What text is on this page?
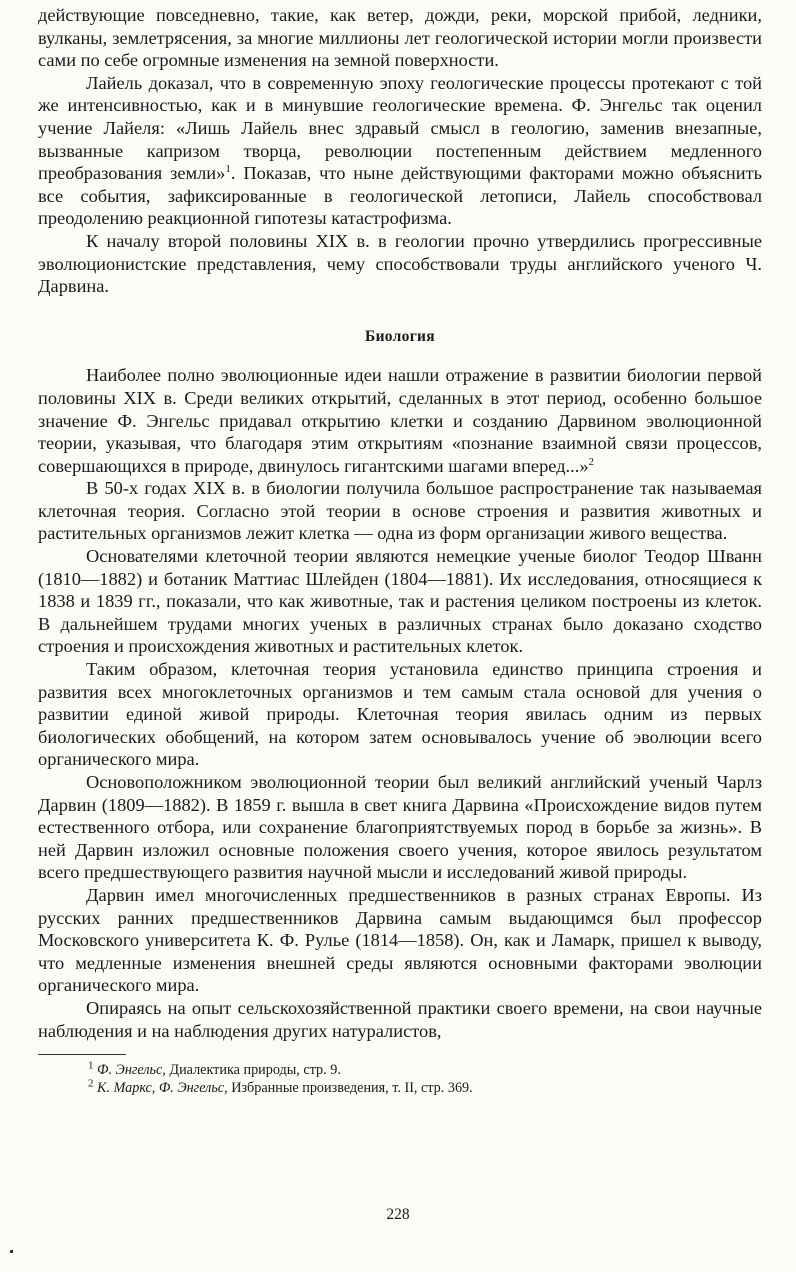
действующие повседневно, такие, как ветер, дожди, реки, морской прибой, ледники, вулканы, землетрясения, за многие миллионы лет геологической истории могли произвести сами по себе огромные изменения на земной поверхности.

Лайель доказал, что в современную эпоху геологические процессы протекают с той же интенсивностью, как и в минувшие геологические времена. Ф. Энгельс так оценил учение Лайеля: «Лишь Лайель внес здравый смысл в геологию, заменив внезапные, вызванные капризом творца, революции постепенным действием медленного преобразования земли»$^1$. Показав, что ныне действующими факторами можно объяснить все события, зафиксированные в геологической летописи, Лайель способствовал преодолению реакционной гипотезы катастрофизма.

К началу второй половины XIX в. в геологии прочно утвердились прогрессивные эволюционистские представления, чему способствовали труды английского ученого Ч. Дарвина.

Биология

Наиболее полно эволюционные идеи нашли отражение в развитии биологии первой половины XIX в. Среди великих открытий, сделанных в этот период, особенно большое значение Ф. Энгельс придавал открытию клетки и созданию Дарвином эволюционной теории, указывая, что благодаря этим открытиям «познание взаимной связи процессов, совершающихся в природе, двинулось гигантскими шагами вперед...»$^2$

В 50-х годах XIX в. в биологии получила большое распространение так называемая клеточная теория. Согласно этой теории в основе строения и развития животных и растительных организмов лежит клетка — одна из форм организации живого вещества.

Основателями клеточной теории являются немецкие ученые биолог Теодор Шванн (1810—1882) и ботаник Маттиас Шлейден (1804—1881). Их исследования, относящиеся к 1838 и 1839 гг., показали, что как животные, так и растения целиком построены из клеток. В дальнейшем трудами многих ученых в различных странах было доказано сходство строения и происхождения животных и растительных клеток.

Таким образом, клеточная теория установила единство принципа строения и развития всех многоклеточных организмов и тем самым стала основой для учения о развитии единой живой природы. Клеточная теория явилась одним из первых биологических обобщений, на котором затем основывалось учение об эволюции всего органического мира.

Основоположником эволюционной теории был великий английский ученый Чарлз Дарвин (1809—1882). В 1859 г. вышла в свет книга Дарвина «Происхождение видов путем естественного отбора, или сохранение благоприятствуемых пород в борьбе за жизнь». В ней Дарвин изложил основные положения своего учения, которое явилось результатом всего предшествующего развития научной мысли и исследований живой природы.

Дарвин имел многочисленных предшественников в разных странах Европы. Из русских ранних предшественников Дарвина самым выдающимся был профессор Московского университета К. Ф. Рулье (1814—1858). Он, как и Ламарк, пришел к выводу, что медленные изменения внешней среды являются основными факторами эволюции органического мира.

Опираясь на опыт сельскохозяйственной практики своего времени, на свои научные наблюдения и на наблюдения других натуралистов,

$^1$ Ф. Энгельс, Диалектика природы, стр. 9.
$^2$ К. Маркс, Ф. Энгельс, Избранные произведения, т. II, стр. 369.
228
